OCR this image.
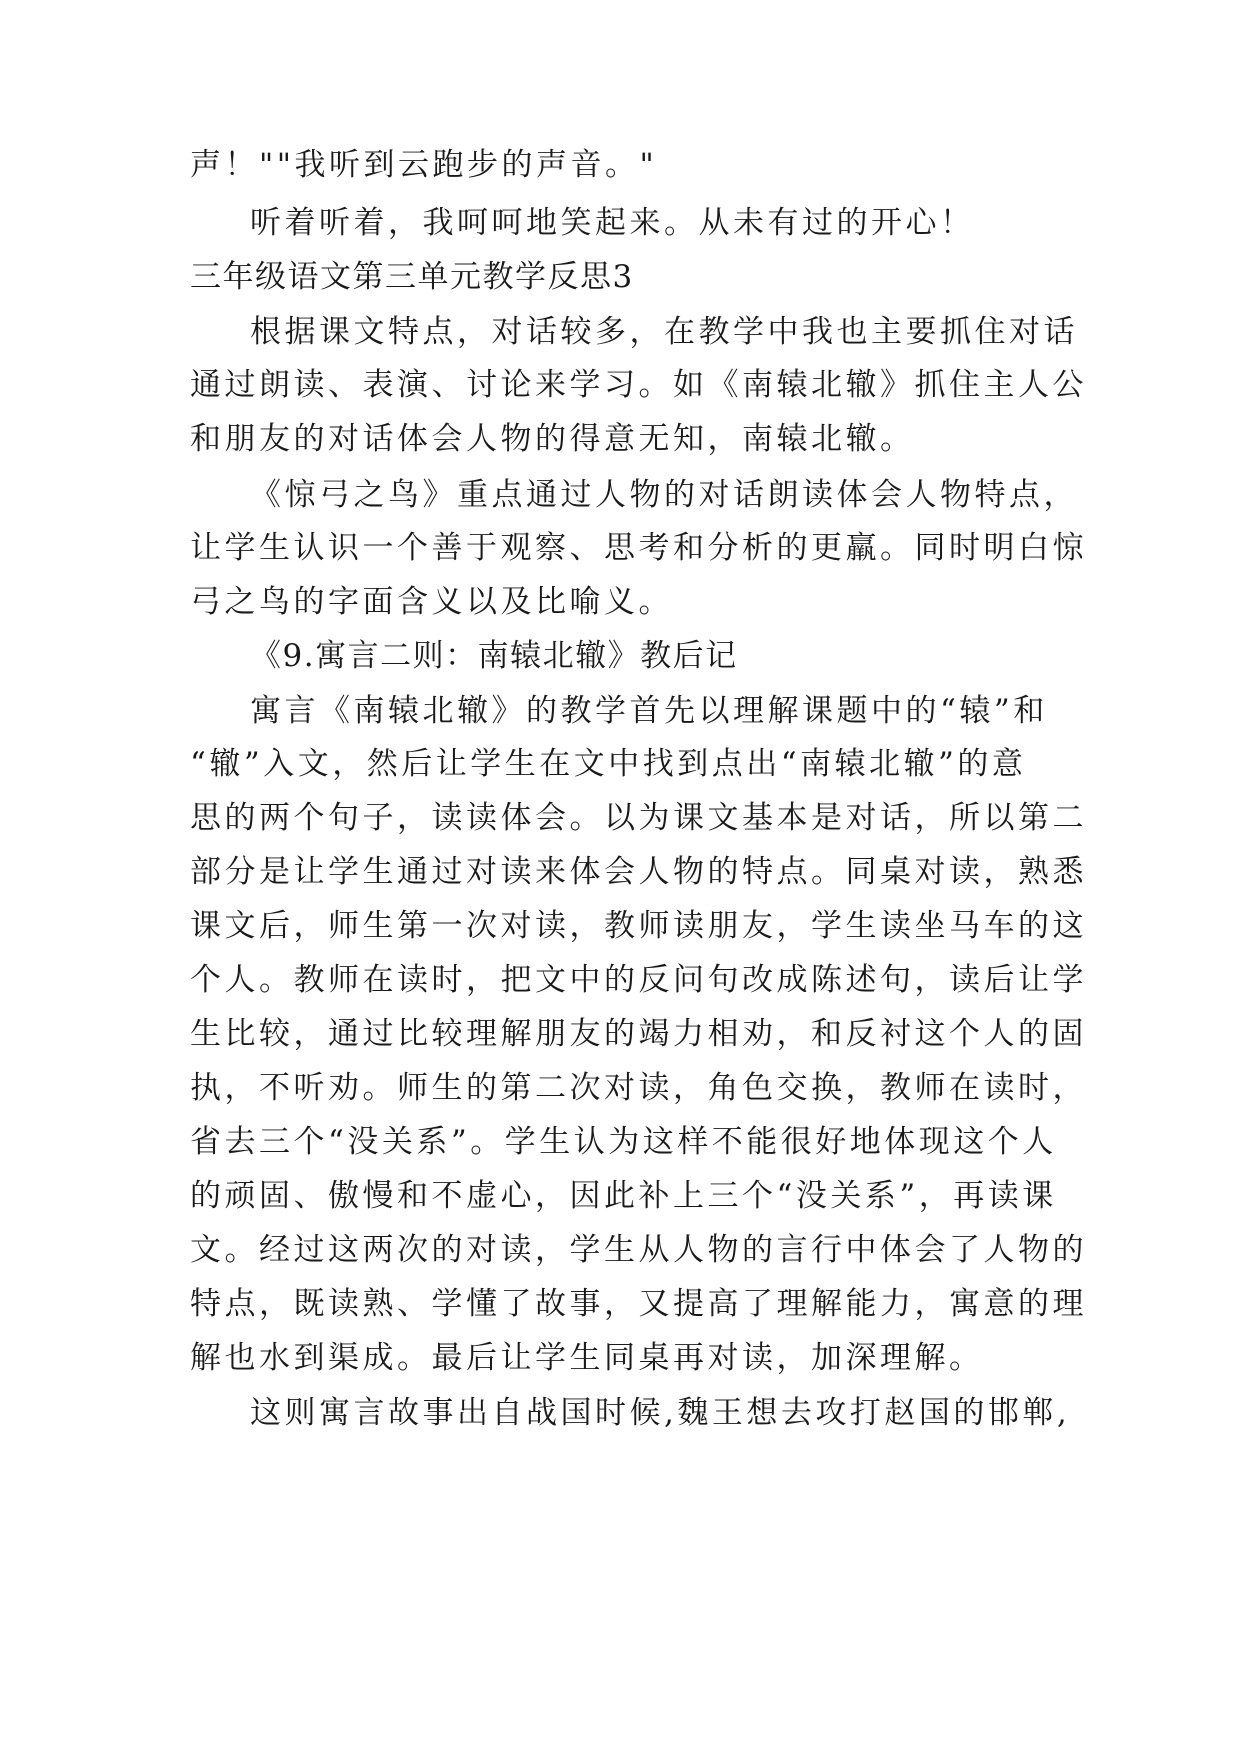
声！""我听到云跑步的声音。"
听着听着，我呵呵地笑起来。从未有过的开心！
三年级语文第三单元教学反思3
根据课文特点，对话较多，在教学中我也主要抓住对话
通过朗读、表演、讨论来学习。如《南辕北辙》抓住主人公
和朋友的对话体会人物的得意无知，南辕北辙。
《惊弓之鸟》重点通过人物的对话朗读体会人物特点，
让学生认识一个善于观察、思考和分析的更羸。同时明白惊
弓之鸟的字面含义以及比喻义。
《9.寓言二则：南辕北辙》教后记
寓言《南辕北辙》的教学首先以理解课题中的“辕”和
“辙”入文，然后让学生在文中找到点出“南辕北辙”的意
思的两个句子，读读体会。以为课文基本是对话，所以第二
部分是让学生通过对读来体会人物的特点。同桌对读，熟悉
课文后，师生第一次对读，教师读朋友，学生读坐马车的这
个人。教师在读时，把文中的反问句改成陈述句，读后让学
生比较，通过比较理解朋友的竭力相劝，和反衬这个人的固
执，不听劝。师生的第二次对读，角色交换，教师在读时，
省去三个“没关系”。学生认为这样不能很好地体现这个人
的顽固、傲慢和不虚心，因此补上三个“没关系”，再读课
文。经过这两次的对读，学生从人物的言行中体会了人物的
特点，既读熟、学懂了故事，又提高了理解能力，寓意的理
解也水到渠成。最后让学生同桌再对读，加深理解。
这则寓言故事出自战国时候,魏王想去攻打赵国的邯郸,
